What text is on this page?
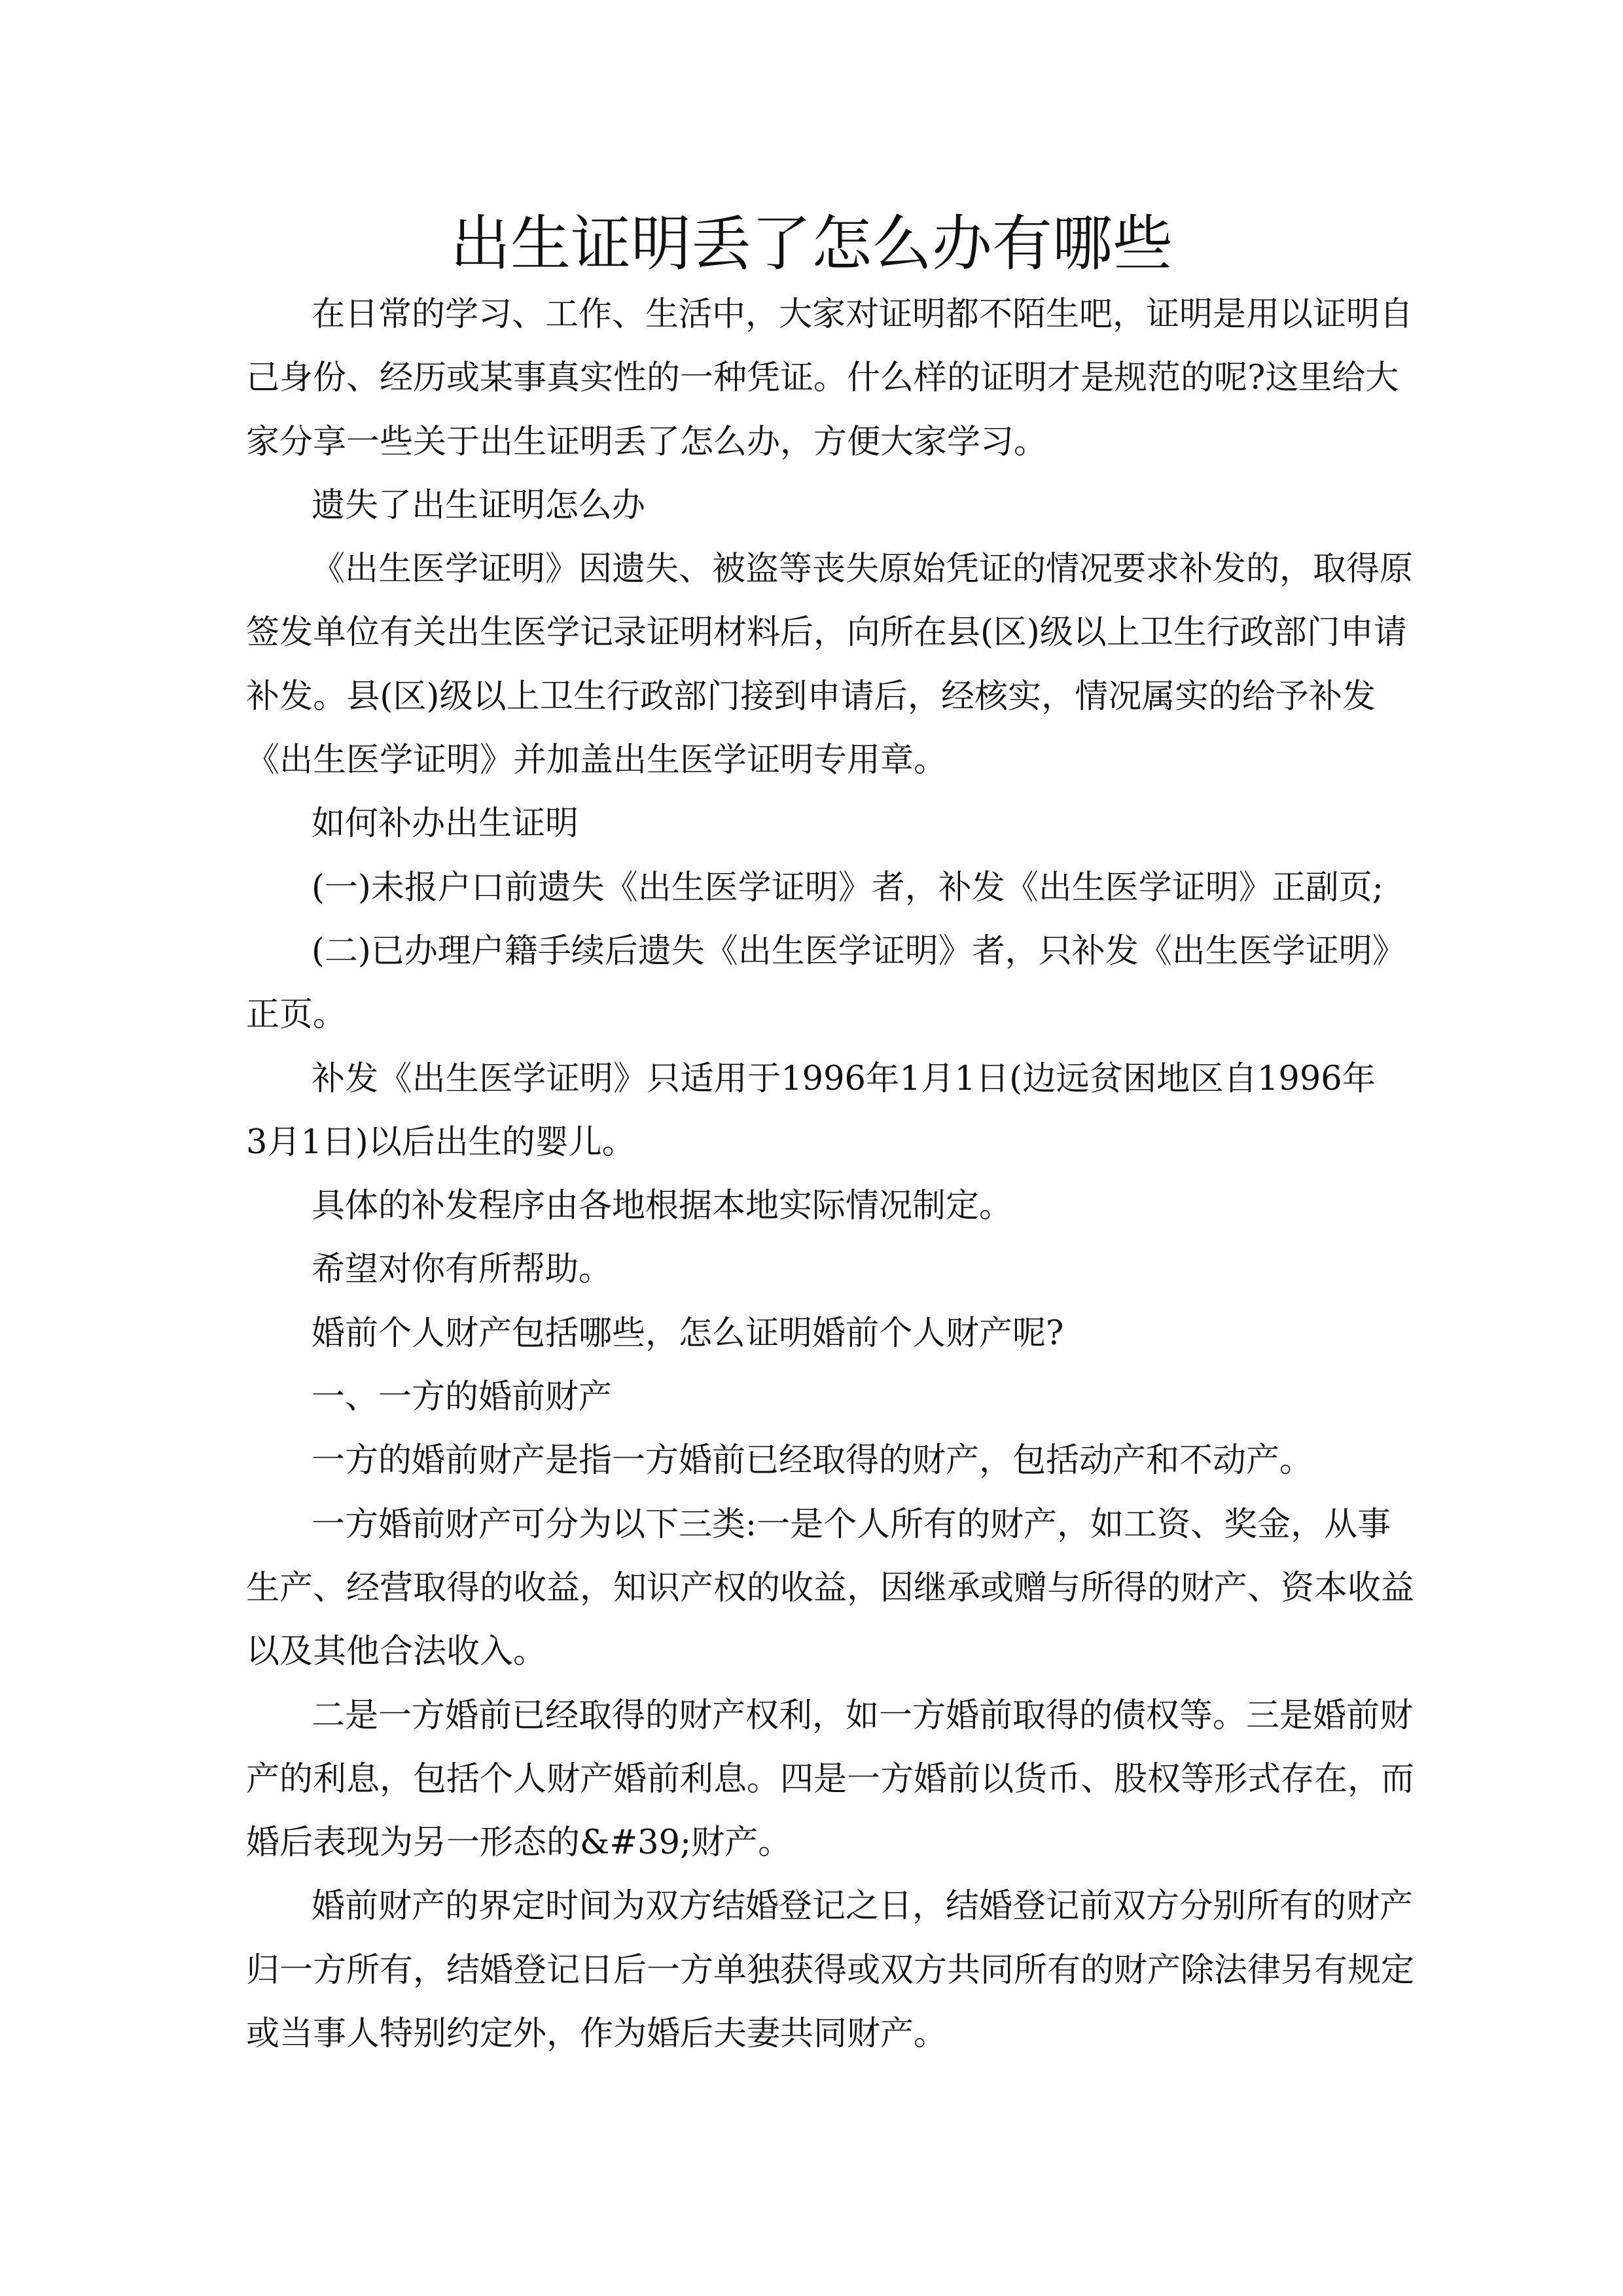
出生证明丢了怎么办有哪些
在日常的学习、工作、生活中，大家对证明都不陌生吧，证明是用以证明自
己身份、经历或某事真实性的一种凭证。什么样的证明才是规范的呢?这里给大
家分享一些关于出生证明丢了怎么办，方便大家学习。
遗失了出生证明怎么办
《出生医学证明》因遗失、被盗等丧失原始凭证的情况要求补发的，取得原
签发单位有关出生医学记录证明材料后，向所在县(区)级以上卫生行政部门申请
补发。县(区)级以上卫生行政部门接到申请后，经核实，情况属实的给予补发
《出生医学证明》并加盖出生医学证明专用章。
如何补办出生证明
(一)未报户口前遗失《出生医学证明》者，补发《出生医学证明》正副页;
(二)已办理户籍手续后遗失《出生医学证明》者，只补发《出生医学证明》
正页。
补发《出生医学证明》只适用于1996年1月1日(边远贫困地区自1996年
3月1日)以后出生的婴儿。
具体的补发程序由各地根据本地实际情况制定。
希望对你有所帮助。
婚前个人财产包括哪些，怎么证明婚前个人财产呢?
一、一方的婚前财产
一方的婚前财产是指一方婚前已经取得的财产，包括动产和不动产。
一方婚前财产可分为以下三类:一是个人所有的财产，如工资、奖金，从事
生产、经营取得的收益，知识产权的收益，因继承或赠与所得的财产、资本收益
以及其他合法收入。
二是一方婚前已经取得的财产权利，如一方婚前取得的债权等。三是婚前财
产的利息，包括个人财产婚前利息。四是一方婚前以货币、股权等形式存在，而
婚后表现为另一形态的&#39;财产。
婚前财产的界定时间为双方结婚登记之日，结婚登记前双方分别所有的财产
归一方所有，结婚登记日后一方单独获得或双方共同所有的财产除法律另有规定
或当事人特别约定外，作为婚后夫妻共同财产。
